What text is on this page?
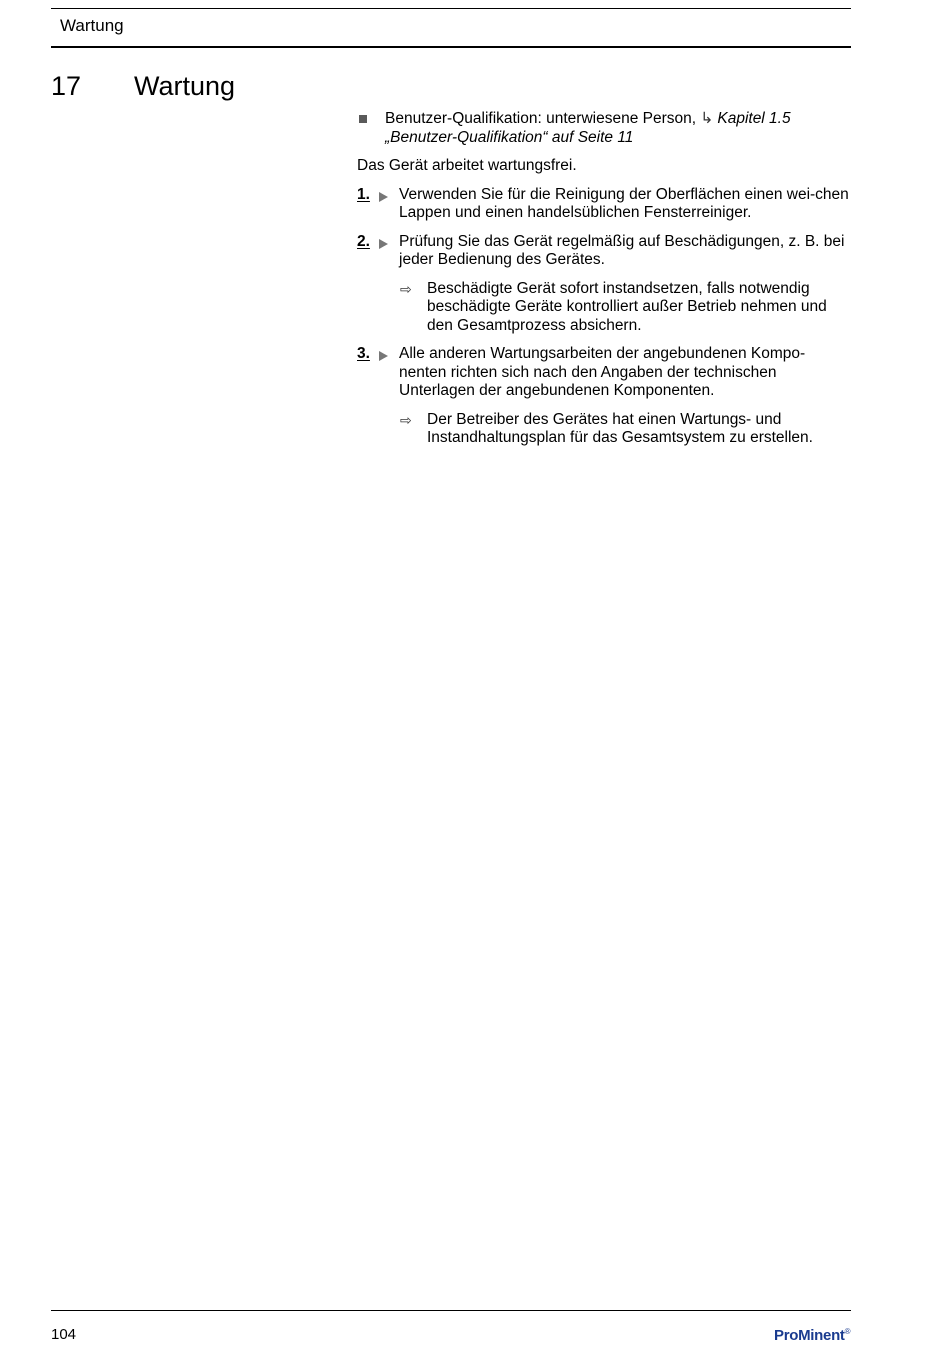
Wartung
17 Wartung
Benutzer-Qualifikation: unterwiesene Person, ↳ Kapitel 1.5
„Benutzer-Qualifikation“ auf Seite 11
Das Gerät arbeitet wartungsfrei.
1. Verwenden Sie für die Reinigung der Oberflächen einen wei-chen Lappen und einen handelsüblichen Fensterreiniger.
2. Prüfung Sie das Gerät regelmäßig auf Beschädigungen, z. B. bei jeder Bedienung des Gerätes.
⇨ Beschädigte Gerät sofort instandsetzen, falls notwendig beschädigte Geräte kontrolliert außer Betrieb nehmen und den Gesamtprozess absichern.
3. Alle anderen Wartungsarbeiten der angebundenen Kompo-nenten richten sich nach den Angaben der technischen Unterlagen der angebundenen Komponenten.
⇨ Der Betreiber des Gerätes hat einen Wartungs- und Instandhaltungsplan für das Gesamtsystem zu erstellen.
104	ProMinent®
